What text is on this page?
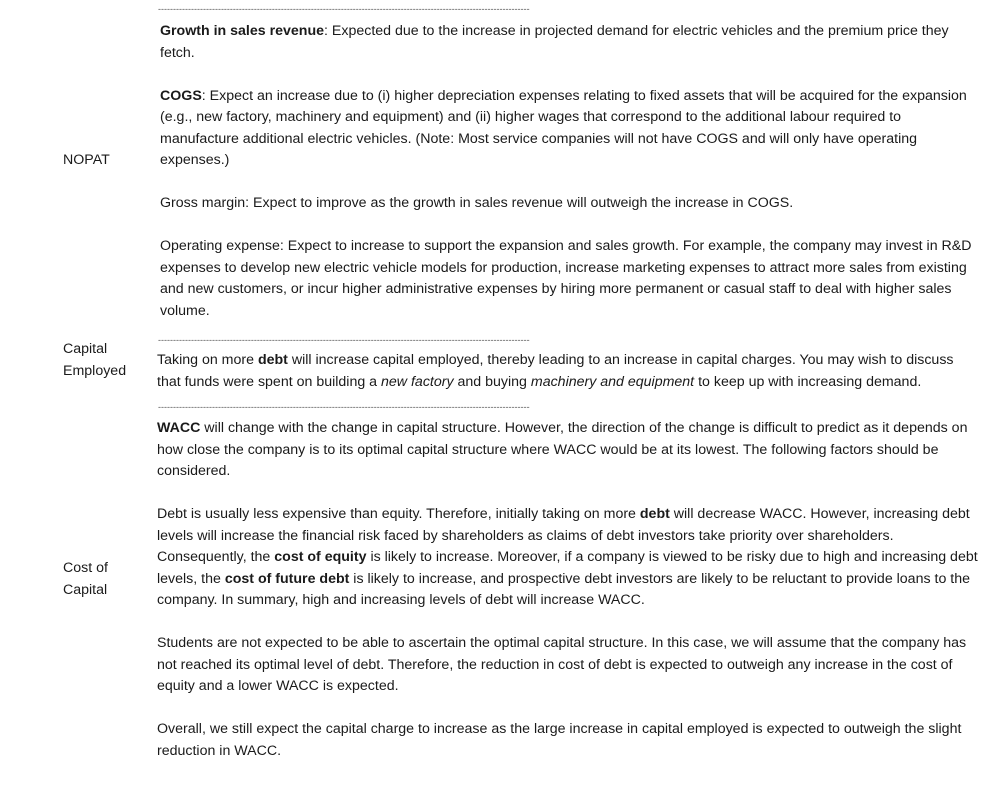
----------------------------------------------------------------------------------------------------------------------------
NOPAT

Growth in sales revenue: Expected due to the increase in projected demand for electric vehicles and the premium price they fetch.

COGS: Expect an increase due to (i) higher depreciation expenses relating to fixed assets that will be acquired for the expansion (e.g., new factory, machinery and equipment) and (ii) higher wages that correspond to the additional labour required to manufacture additional electric vehicles. (Note: Most service companies will not have COGS and will only have operating expenses.)

Gross margin: Expect to improve as the growth in sales revenue will outweigh the increase in COGS.

Operating expense: Expect to increase to support the expansion and sales growth. For example, the company may invest in R&D expenses to develop new electric vehicle models for production, increase marketing expenses to attract more sales from existing and new customers, or incur higher administrative expenses by hiring more permanent or casual staff to deal with higher sales volume.

----------------------------------------------------------------------------------------------------------------------------
Capital
Employed

Taking on more debt will increase capital employed, thereby leading to an increase in capital charges. You may wish to discuss that funds were spent on building a new factory and buying machinery and equipment to keep up with increasing demand.

----------------------------------------------------------------------------------------------------------------------------
Cost of
Capital

WACC will change with the change in capital structure. However, the direction of the change is difficult to predict as it depends on how close the company is to its optimal capital structure where WACC would be at its lowest. The following factors should be considered.

Debt is usually less expensive than equity. Therefore, initially taking on more debt will decrease WACC. However, increasing debt levels will increase the financial risk faced by shareholders as claims of debt investors take priority over shareholders. Consequently, the cost of equity is likely to increase. Moreover, if a company is viewed to be risky due to high and increasing debt levels, the cost of future debt is likely to increase, and prospective debt investors are likely to be reluctant to provide loans to the company. In summary, high and increasing levels of debt will increase WACC.

Students are not expected to be able to ascertain the optimal capital structure. In this case, we will assume that the company has not reached its optimal level of debt. Therefore, the reduction in cost of debt is expected to outweigh any increase in the cost of equity and a lower WACC is expected.

Overall, we still expect the capital charge to increase as the large increase in capital employed is expected to outweigh the slight reduction in WACC.
